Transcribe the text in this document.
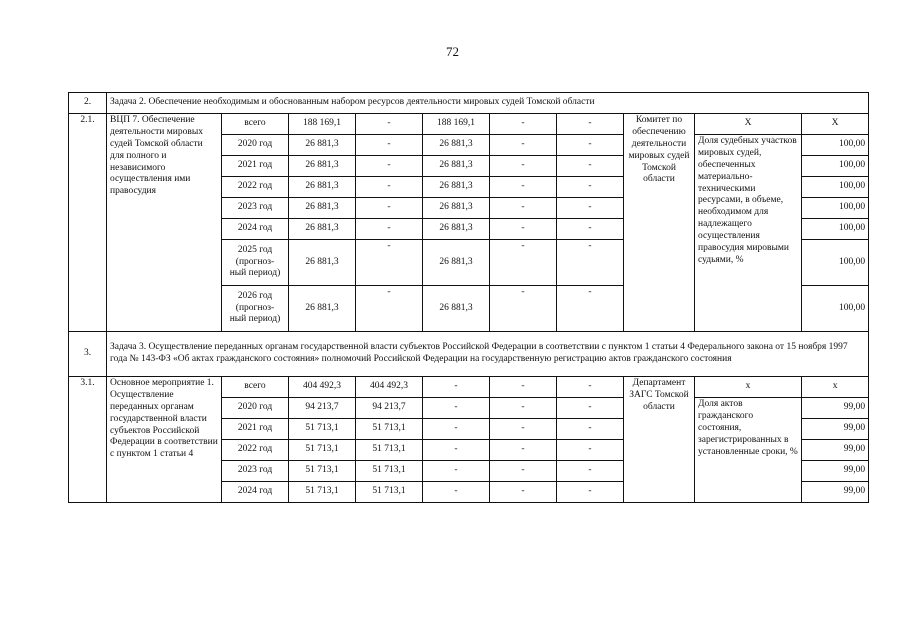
72
2.	Задача 2. Обеспечение необходимым и обоснованным набором ресурсов деятельности мировых судей Томской области									
2.1.	ВЦП 7. Обеспечение деятельности мировых судей Томской области для полного и независимого осуществления ими правосудия	всего	188 169,1	-	188 169,1	-	-	Комитет по обеспечению деятельности мировых судей Томской области	X	X
		2020 год	26 881,3	-	26 881,3	-	-		Доля судебных участков мировых судей, обеспеченных материально-техническими ресурсами, в объеме, необходимом для надлежащего осуществления правосудия мировыми судьями, %	100,00
		2021 год	26 881,3	-	26 881,3	-	-			100,00
		2022 год	26 881,3	-	26 881,3	-	-			100,00
		2023 год	26 881,3	-	26 881,3	-	-			100,00
		2024 год	26 881,3	-	26 881,3	-	-			100,00
		2025 год
(прогноз-
ный период)	26 881,3	-	26 881,3	-	-			100,00
		2026 год
(прогноз-
ный период)	26 881,3	-	26 881,3	-	-			100,00
3.	Задача 3. Осуществление переданных органам государственной власти субъектов Российской Федерации в соответствии с пунктом 1 статьи 4 Федерального закона от 15 ноября 1997 года № 143-ФЗ «Об актах гражданского состояния» полномочий Российской Федерации на государственную регистрацию актов гражданского состояния									
3.1.	Основное мероприятие 1. Осуществление переданных органам государственной власти субъектов Российской Федерации в соответствии с пунктом 1 статьи 4	всего	404 492,3	404 492,3	-	-	-	Департамент ЗАГС Томской области	x	x
		2020 год	94 213,7	94 213,7	-	-	-		Доля актов гражданского состояния, зарегистрированных в установленные сроки, %	99,00
		2021 год	51 713,1	51 713,1	-	-	-			99,00
		2022 год	51 713,1	51 713,1	-	-	-			99,00
		2023 год	51 713,1	51 713,1	-	-	-			99,00
		2024 год	51 713,1	51 713,1	-	-	-			99,00
